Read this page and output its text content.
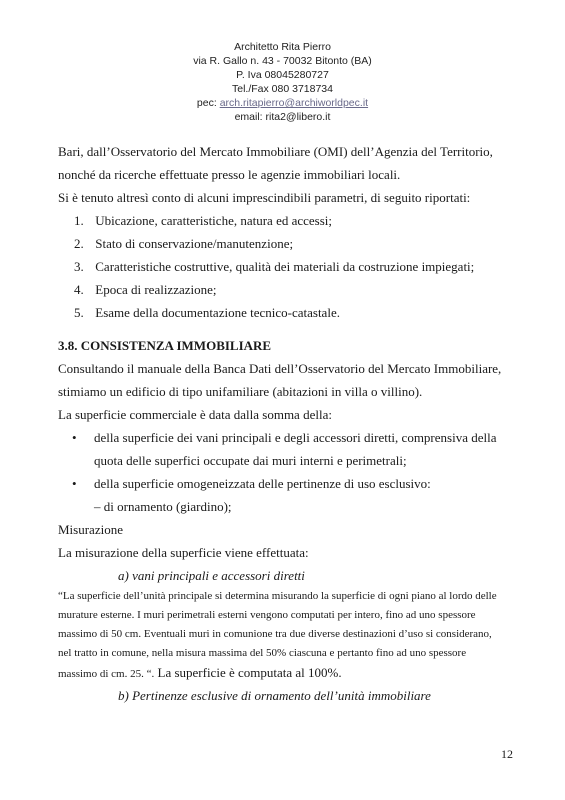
Architetto Rita Pierro
via R. Gallo n. 43 - 70032 Bitonto (BA)
P. Iva 08045280727
Tel./Fax 080 3718734
pec: arch.ritapierro@archiworldpec.it
email: rita2@libero.it

Bari, dall’Osservatorio del Mercato Immobiliare (OMI) dell’Agenzia del Territorio,

nonché da ricerche effettuate presso le agenzie immobiliari locali.

Si è tenuto altresì conto di alcuni imprescindibili parametri, di seguito riportati:

1. Ubicazione, caratteristiche, natura ed accessi;
2. Stato di conservazione/manutenzione;
3. Caratteristiche costruttive, qualità dei materiali da costruzione impiegati;
4. Epoca di realizzazione;
5. Esame della documentazione tecnico-catastale.

3.8. CONSISTENZA IMMOBILIARE

Consultando il manuale della Banca Dati dell’Osservatorio del Mercato Immobiliare,

stimiamo un edificio di tipo unifamiliare (abitazioni in villa o villino).

La superficie commerciale è data dalla somma della:

• della superficie dei vani principali e degli accessori diretti, comprensiva della
quota delle superfici occupate dai muri interni e perimetrali;
• della superficie omogeneizzata delle pertinenze di uso esclusivo:

– di ornamento (giardino);

Misurazione

La misurazione della superficie viene effettuata:

a) vani principali e accessori diretti

“La superficie dell’unità principale si determina misurando la superficie di ogni piano al lordo delle

murature esterne. I muri perimetrali esterni vengono computati per intero, fino ad uno spessore

massimo di 50 cm. Eventuali muri in comunione tra due diverse destinazioni d’uso si considerano,

nel tratto in comune, nella misura massima del 50% ciascuna e pertanto fino ad uno spessore

massimo di cm. 25. “. La superficie è computata al 100%.

b) Pertinenze esclusive di ornamento dell’unità immobiliare

12
